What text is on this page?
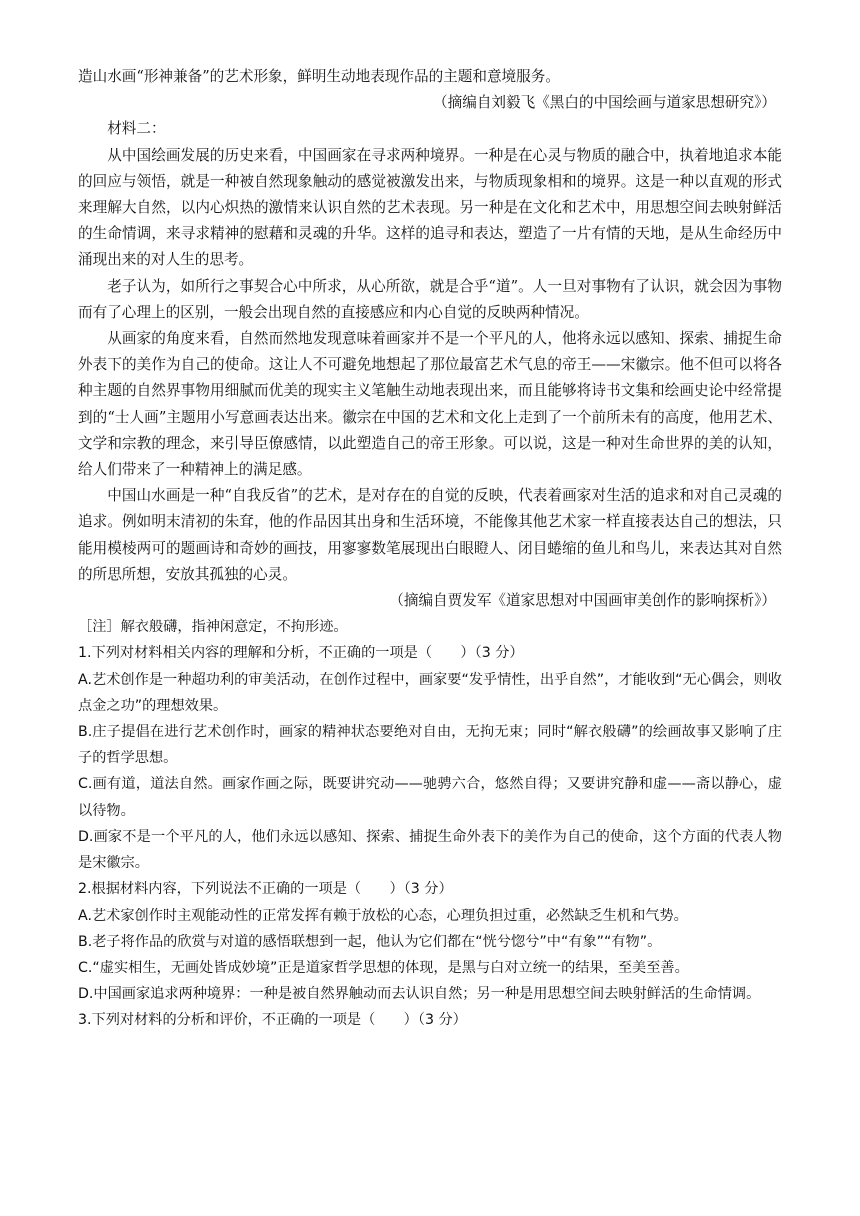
造山水画“形神兼备”的艺术形象，鲜明生动地表现作品的主题和意境服务。

（摘编自刘毅飞《黑白的中国绘画与道家思想研究》）

材料二：

从中国绘画发展的历史来看，中国画家在寻求两种境界。一种是在心灵与物质的融合中，执着地追求本能的回应与领悟，就是一种被自然现象触动的感觉被激发出来，与物质现象相和的境界。这是一种以直观的形式来理解大自然，以内心炽热的激情来认识自然的艺术表现。另一种是在文化和艺术中，用思想空间去映射鲜活的生命情调，来寻求精神的慰藉和灵魂的升华。这样的追寻和表达，塑造了一片有情的天地，是从生命经历中涌现出来的对人生的思考。

老子认为，如所行之事契合心中所求，从心所欲，就是合乎“道”。人一旦对事物有了认识，就会因为事物而有了心理上的区别，一般会出现自然的直接感应和内心自觉的反映两种情况。

从画家的角度来看，自然而然地发现意味着画家并不是一个平凡的人，他将永远以感知、探索、捕捉生命外表下的美作为自己的使命。这让人不可避免地想起了那位最富艺术气息的帝王——宋徽宗。他不但可以将各种主题的自然界事物用细腻而优美的现实主义笔触生动地表现出来，而且能够将诗书文集和绘画史论中经常提到的“士人画”主题用小写意画表达出来。徽宗在中国的艺术和文化上走到了一个前所未有的高度，他用艺术、文学和宗教的理念，来引导臣僚感情，以此塑造自己的帝王形象。可以说，这是一种对生命世界的美的认知，给人们带来了一种精神上的满足感。

中国山水画是一种“自我反省”的艺术，是对存在的自觉的反映，代表着画家对生活的追求和对自己灵魂的追求。例如明末清初的朱耷，他的作品因其出身和生活环境，不能像其他艺术家一样直接表达自己的想法，只能用模棱两可的题画诗和奇妙的画技，用寥寥数笔展现出白眼瞪人、闭目蜷缩的鱼儿和鸟儿，来表达其对自然的所思所想，安放其孤独的心灵。

（摘编自贾发军《道家思想对中国画审美创作的影响探析》）

［注］解衣般礴，指神闲意定，不拘形迹。

1.下列对材料相关内容的理解和分析，不正确的一项是（　　）（3 分）

A.艺术创作是一种超功利的审美活动，在创作过程中，画家要“发乎情性，出乎自然”，才能收到“无心偶会，则收点金之功”的理想效果。

B.庄子提倡在进行艺术创作时，画家的精神状态要绝对自由，无拘无束；同时“解衣般礴”的绘画故事又影响了庄子的哲学思想。

C.画有道，道法自然。画家作画之际，既要讲究动——驰骋六合，悠然自得；又要讲究静和虚——斋以静心，虚以待物。

D.画家不是一个平凡的人，他们永远以感知、探索、捕捉生命外表下的美作为自己的使命，这个方面的代表人物是宋徽宗。

2.根据材料内容，下列说法不正确的一项是（　　）（3 分）

A.艺术家创作时主观能动性的正常发挥有赖于放松的心态，心理负担过重，必然缺乏生机和气势。

B.老子将作品的欣赏与对道的感悟联想到一起，他认为它们都在“恍兮惚兮”中“有象”“有物”。

C.“虚实相生，无画处皆成妙境”正是道家哲学思想的体现，是黑与白对立统一的结果，至美至善。

D.中国画家追求两种境界：一种是被自然界触动而去认识自然；另一种是用思想空间去映射鲜活的生命情调。

3.下列对材料的分析和评价，不正确的一项是（　　）（3 分）
